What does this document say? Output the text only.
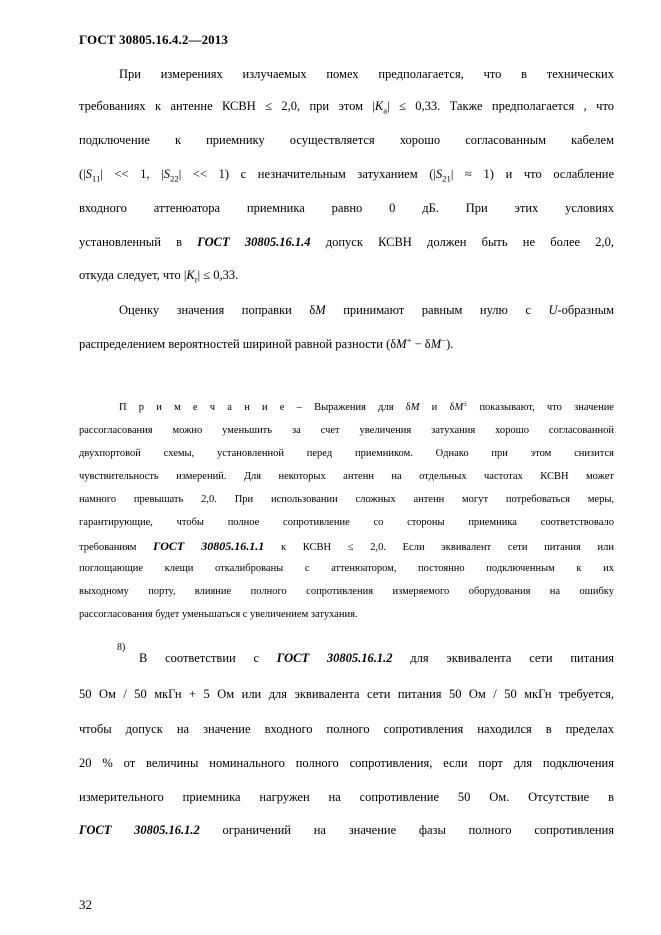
ГОСТ 30805.16.4.2—2013
При измерениях излучаемых помех предполагается, что в технических
требованиях к антенне КСВН ≤ 2,0, при этом $|K_a| \le 0,33$. Также предполагается , что
подключение к приемнику осуществляется хорошо согласованным кабелем
($|S_{11}| << 1$, $|S_{22}| << 1$) с незначительным затуханием $(|S_{21}| \approx 1)$ и что ослабление
входного аттенюатора приемника равно 0 дБ. При этих условиях
установленный в ГОСТ 30805.16.1.4 допуск КСВН должен быть не более 2,0,
откуда следует, что $|K_r| \le 0,33$.
Оценку значения поправки δM принимают равным нулю с U-образным
распределением вероятностей шириной равной разности (δM+ − δM−).
П р и м е ч а н и е – Выражения для δM и δM± показывают, что значение
рассогласования можно уменьшить за счет увеличения затухания хорошо согласованной
двухпортовой схемы, установленной перед приемником. Однако при этом снизится
чувствительность измерений. Для некоторых антенн на отдельных частотах КСВН может
намного превышать 2,0. При использовании сложных антенн могут потребоваться меры,
гарантирующие, чтобы полное сопротивление со стороны приемника соответствовало
требованиям ГОСТ 30805.16.1.1 к КСВН ≤ 2,0. Если эквивалент сети питания или
поглощающие клещи откалиброваны с аттенюатором, постоянно подключенным к их
выходному порту, влияние полного сопротивления измеряемого оборудования на ошибку
рассогласования будет уменьшаться с увеличением затухания.
8)
В соответствии с ГОСТ 30805.16.1.2 для эквивалента сети питания
50 Ом / 50 мкГн + 5 Ом или для эквивалента сети питания 50 Ом / 50 мкГн требуется,
чтобы допуск на значение входного полного сопротивления находился в пределах
20 % от величины номинального полного сопротивления, если порт для подключения
измерительного приемника нагружен на сопротивление 50 Ом. Отсутствие в
ГОСТ 30805.16.1.2 ограничений на значение фазы полного сопротивления
32
